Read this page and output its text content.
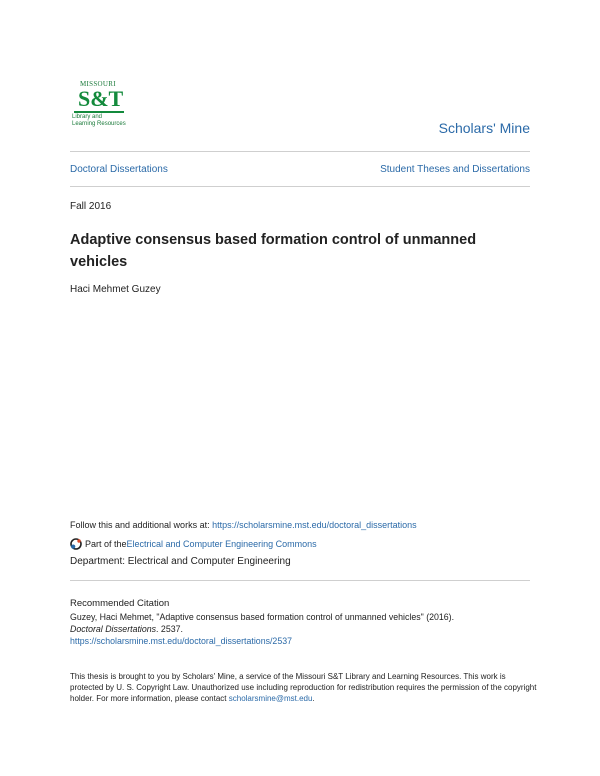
MISSOURI
S&T
Library and
Learning Resources	Scholars' Mine
Doctoral Dissertations	Student Theses and Dissertations
Fall 2016
Adaptive consensus based formation control of unmanned vehicles
Haci Mehmet Guzey
Follow this and additional works at: https://scholarsmine.mst.edu/doctoral_dissertations
Part of the Electrical and Computer Engineering Commons
Department: Electrical and Computer Engineering
Recommended Citation
Guzey, Haci Mehmet, "Adaptive consensus based formation control of unmanned vehicles" (2016).
Doctoral Dissertations. 2537.
https://scholarsmine.mst.edu/doctoral_dissertations/2537
This thesis is brought to you by Scholars' Mine, a service of the Missouri S&T Library and Learning Resources. This work is protected by U. S. Copyright Law. Unauthorized use including reproduction for redistribution requires the permission of the copyright holder. For more information, please contact scholarsmine@mst.edu.
